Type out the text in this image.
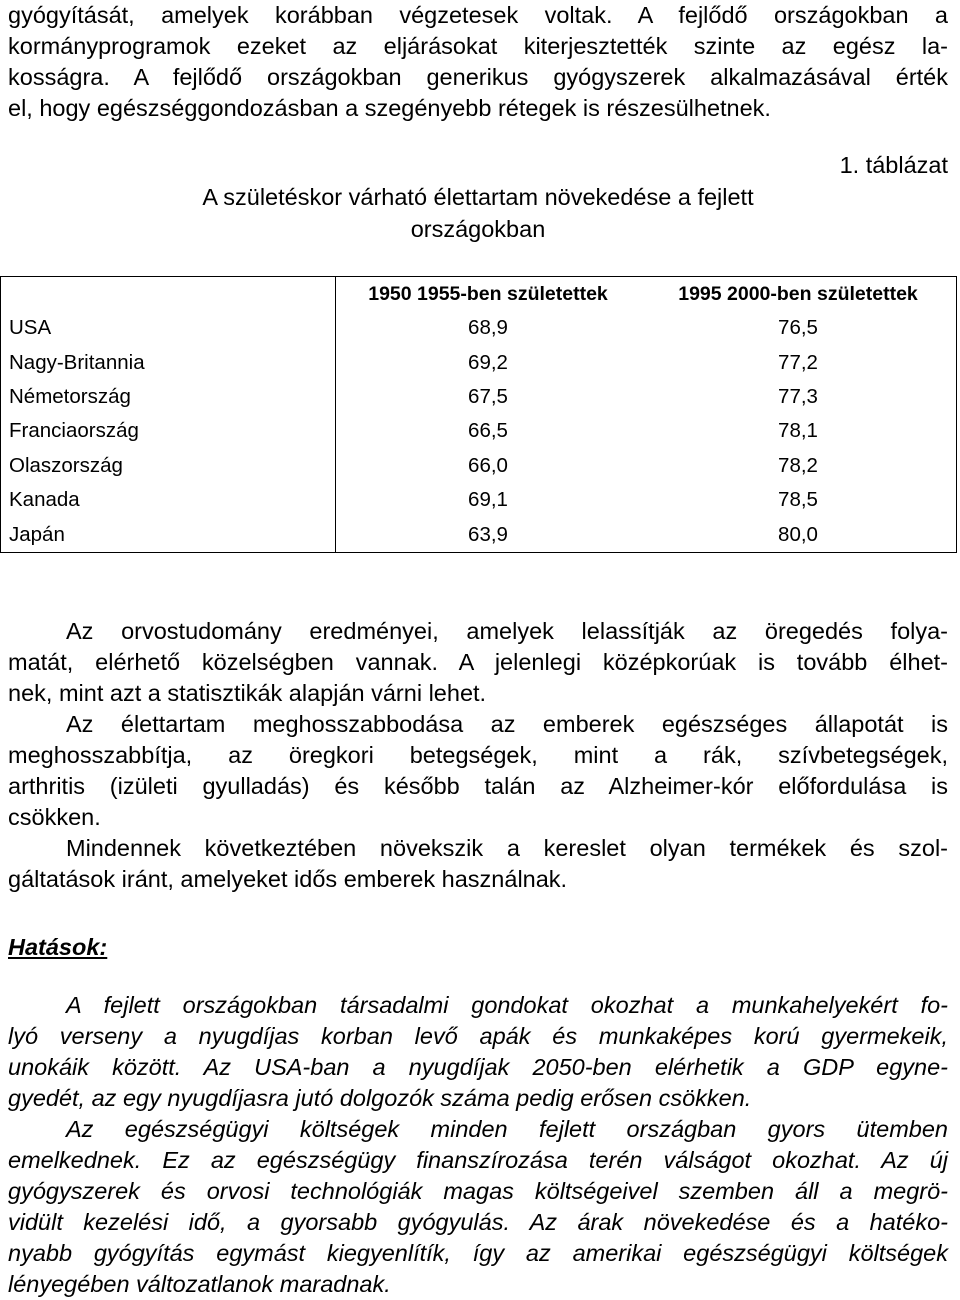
gyógyítását, amelyek korábban végzetesek voltak. A fejlődő országokban a
kormányprogramok ezeket az eljárásokat kiterjesztették szinte az egész la-
kosságra. A fejlődő országokban generikus gyógyszerek alkalmazásával érték
el, hogy egészséggondozásban a szegényebb rétegek is részesülhetnek.
1. táblázat
A születéskor várható élettartam növekedése a fejlett
országokban
	1950 1955-ben születettek	1995 2000-ben születettek
USA	68,9	76,5
Nagy-Britannia	69,2	77,2
Németország	67,5	77,3
Franciaország	66,5	78,1
Olaszország	66,0	78,2
Kanada	69,1	78,5
Japán	63,9	80,0
Az orvostudomány eredményei, amelyek lelassítják az öregedés folya-
matát, elérhető közelségben vannak. A jelenlegi középkorúak is tovább élhet-
nek, mint azt a statisztikák alapján várni lehet.
Az élettartam meghosszabbodása az emberek egészséges állapotát is
meghosszabbítja, az öregkori betegségek, mint a rák, szívbetegségek,
arthritis (izületi gyulladás) és később talán az Alzheimer-kór előfordulása is
csökken.
Mindennek következtében növekszik a kereslet olyan termékek és szol-
gáltatások iránt, amelyeket idős emberek használnak.
Hatások:
A fejlett országokban társadalmi gondokat okozhat a munkahelyekért fo-
lyó verseny a nyugdíjas korban levő apák és munkaképes korú gyermekeik,
unokáik között. Az USA-ban a nyugdíjak 2050-ben elérhetik a GDP egyne-
gyedét, az egy nyugdíjasra jutó dolgozók száma pedig erősen csökken.
Az egészségügyi költségek minden fejlett országban gyors ütemben
emelkednek. Ez az egészségügy finanszírozása terén válságot okozhat. Az új
gyógyszerek és orvosi technológiák magas költségeivel szemben áll a megrö-
vidült kezelési idő, a gyorsabb gyógyulás. Az árak növekedése és a hatéko-
nyabb gyógyítás egymást kiegyenlítík, így az amerikai egészségügyi költségek
lényegében változatlanok maradnak.
